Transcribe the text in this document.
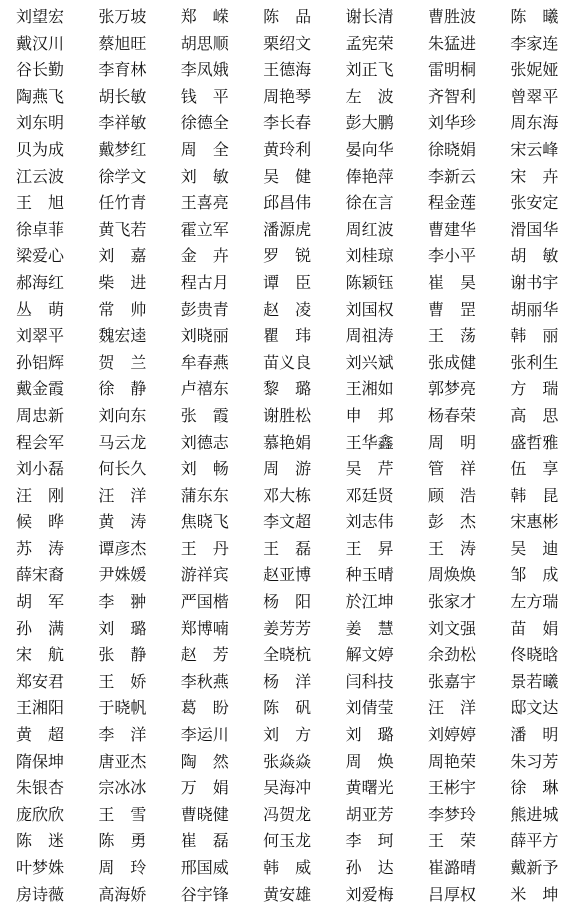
刘望宏	张万坡	郑　嵘	陈　品	谢长清	曹胜波	陈　曦
戴汉川	蔡旭旺	胡思顺	栗绍文	孟宪荣	朱猛进	李家连
谷长勤	李育林	李凤娥	王德海	刘正飞	雷明桐	张妮娅
陶燕飞	胡长敏	钱　平	周艳琴	左　波	齐智利	曾翠平
刘东明	李祥敏	徐德全	李长春	彭大鹏	刘华珍	周东海
贝为成	戴梦红	周　全	黄玲利	晏向华	徐晓娟	宋云峰
江云波	徐学文	刘　敏	吴　健	俸艳萍	李新云	宋　卉
王　旭	任竹青	王喜亮	邱昌伟	徐在言	程金莲	张安定
徐卓菲	黄飞若	霍立军	潘源虎	周红波	曹建华	滑国华
梁爱心	刘　嘉	金　卉	罗　锐	刘桂琼	李小平	胡　敏
郝海红	柴　进	程古月	谭　臣	陈颖钰	崔　昊	谢书宇
丛　萌	常　帅	彭贵青	赵　凌	刘国权	曹　罡	胡丽华
刘翠平	魏宏逵	刘晓丽	瞿　玮	周祖涛	王　荡	韩　丽
孙铝辉	贺　兰	牟春燕	苗义良	刘兴斌	张成健	张利生
戴金霞	徐　静	卢禧东	黎　璐	王湘如	郭梦亮	方　瑞
周忠新	刘向东	张　霞	谢胜松	申　邦	杨春荣	高　思
程会军	马云龙	刘德志	慕艳娟	王华鑫	周　明	盛哲雅
刘小磊	何长久	刘　畅	周　游	吴　芹	管　祥	伍　享
汪　刚	汪　洋	蒲东东	邓大栋	邓廷贤	顾　浩	韩　昆
候　晔	黄　涛	焦晓飞	李文超	刘志伟	彭　杰	宋惠彬
苏　涛	谭彦杰	王　丹	王　磊	王　昇	王　涛	吴　迪
薛宋裔	尹姝媛	游祥宾	赵亚博	种玉晴	周焕焕	邹　成
胡　军	李　翀	严国楷	杨　阳	於江坤	张家才	左方瑞
孙　满	刘　璐	郑博喃	姜芳芳	姜　慧	刘文强	苗　娟
宋　航	张　静	赵　芳	全晓杭	解文婷	余劲松	佟晓晗
郑安君	王　娇	李秋燕	杨　洋	闫科技	张嘉宇	景若曦
王湘阳	于晓帆	葛　盼	陈　矾	刘倩莹	汪　洋	邸文达
黄　超	李　洋	李运川	刘　方	刘　璐	刘婷婷	潘　明
隋保坤	唐亚杰	陶　然	张焱焱	周　焕	周艳荣	朱习芳
朱银杏	宗冰冰	万　娟	吴海冲	黄曙光	王彬宇	徐　琳
庞欣欣	王　雪	曹晓健	冯贺龙	胡亚芳	李梦玲	熊进城
陈　迷	陈　勇	崔　磊	何玉龙	李　珂	王　荣	薛平方
叶梦姝	周　玲	邢国威	韩　威	孙　达	崔潞晴	戴新予
房诗薇	高海娇	谷宇锋	黄安雄	刘爱梅	吕厚权	米　坤
